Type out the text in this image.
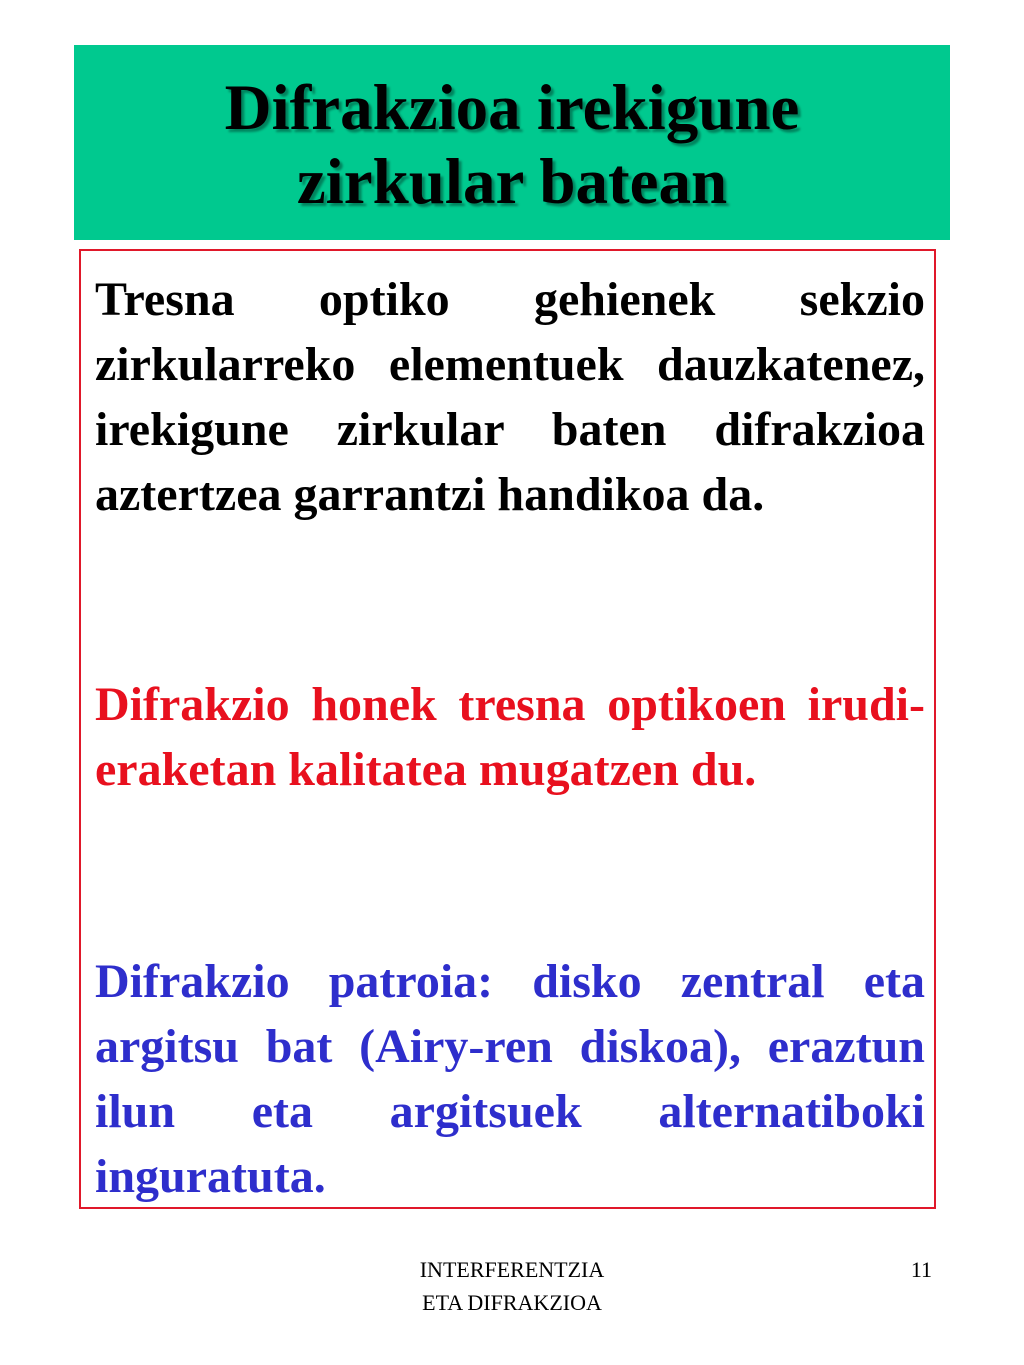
Difrakzioa irekigune
zirkular batean

Tresna optiko gehienek sekzio zirkularreko elementuek dauzkatenez, irekigune zirkular baten difrakzioa aztertzea garrantzi handikoa da.

Difrakzio honek tresna optikoen irudi-eraketan kalitatea mugatzen du.

Difrakzio patroia: disko zentral eta argitsu bat (Airy-ren diskoa), eraztun ilun eta argitsuek alternatiboki inguratuta.

INTERFERENTZIA
ETA DIFRAKZIOA
11
